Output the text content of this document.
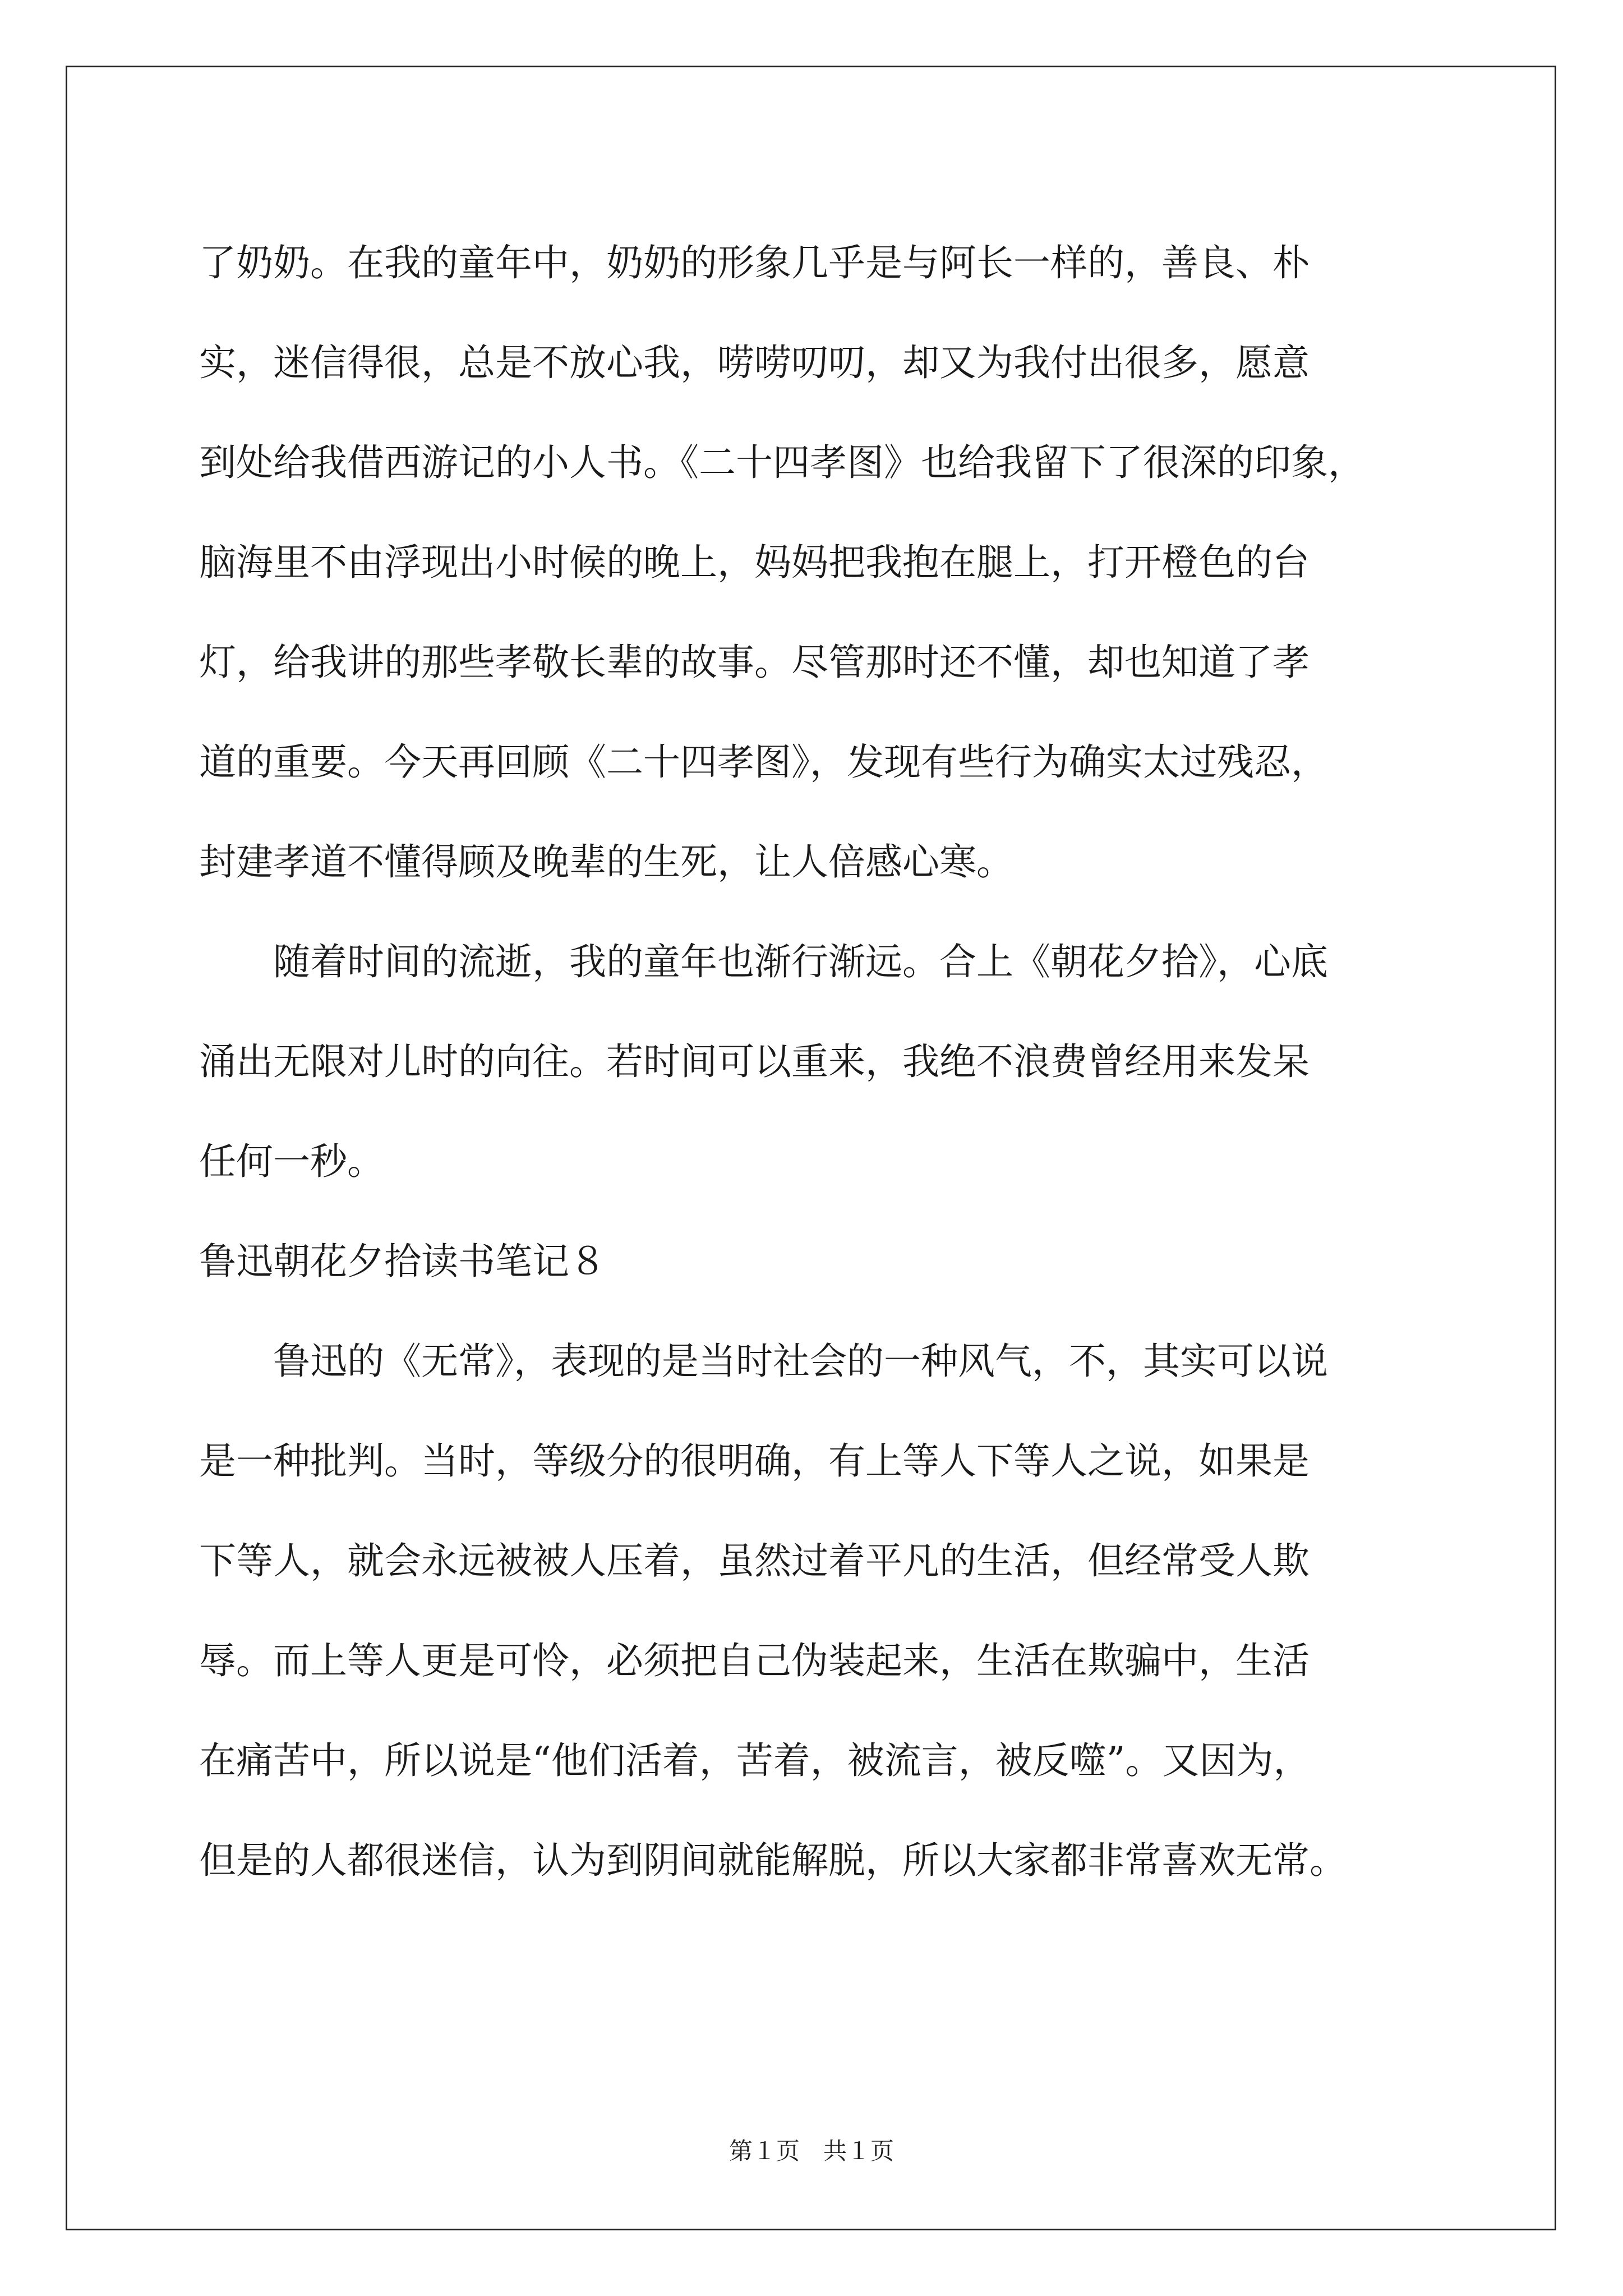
了奶奶。在我的童年中，奶奶的形象几乎是与阿长一样的，善良、朴
实，迷信得很，总是不放心我，唠唠叨叨，却又为我付出很多，愿意
到处给我借西游记的小人书。《二十四孝图》也给我留下了很深的印象，
脑海里不由浮现出小时候的晚上，妈妈把我抱在腿上，打开橙色的台
灯，给我讲的那些孝敬长辈的故事。尽管那时还不懂，却也知道了孝
道的重要。今天再回顾《二十四孝图》，发现有些行为确实太过残忍，
封建孝道不懂得顾及晚辈的生死，让人倍感心寒。
随着时间的流逝，我的童年也渐行渐远。合上《朝花夕拾》，心底
涌出无限对儿时的向往。若时间可以重来，我绝不浪费曾经用来发呆
任何一秒。
鲁迅朝花夕拾读书笔记８
鲁迅的《无常》，表现的是当时社会的一种风气，不，其实可以说
是一种批判。当时，等级分的很明确，有上等人下等人之说，如果是
下等人，就会永远被被人压着，虽然过着平凡的生活，但经常受人欺
辱。而上等人更是可怜，必须把自己伪装起来，生活在欺骗中，生活
在痛苦中，所以说是“他们活着，苦着，被流言，被反噬”。又因为，
但是的人都很迷信，认为到阴间就能解脱，所以大家都非常喜欢无常。
第１页　共１页
